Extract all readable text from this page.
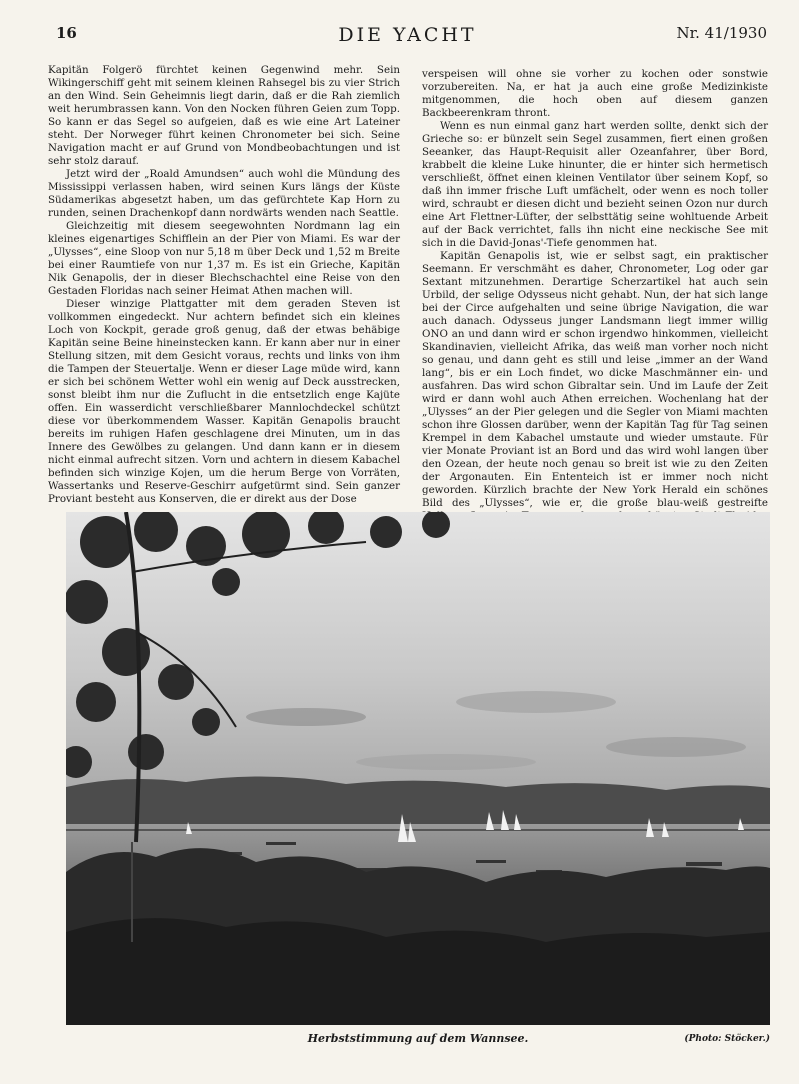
16	DIE YACHT	Nr. 41/1930

Kapitän Folgerö fürchtet keinen Gegenwind mehr. Sein Wikingerschiff geht mit seinem kleinen Rahsegel bis zu vier Strich an den Wind. Sein Geheimnis liegt darin, daß er die Rah ziemlich weit herumbrassen kann. Von den Nocken führen Geien zum Topp. So kann er das Segel so aufgeien, daß es wie eine Art Lateiner steht. Der Norweger führt keinen Chronometer bei sich. Seine Navigation macht er auf Grund von Mondbeobachtungen und ist sehr stolz darauf.

Jetzt wird der „Roald Amundsen“ auch wohl die Mündung des Mississippi verlassen haben, wird seinen Kurs längs der Küste Südamerikas abgesetzt haben, um das gefürchtete Kap Horn zu runden, seinen Drachenkopf dann nordwärts wenden nach Seattle.

Gleichzeitig mit diesem seegewohnten Nordmann lag ein kleines eigenartiges Schifflein an der Pier von Miami. Es war der „Ulysses“, eine Sloop von nur 5,18 m über Deck und 1,52 m Breite bei einer Raumtiefe von nur 1,37 m. Es ist ein Grieche, Kapitän Nik Genapolis, der in dieser Blechschachtel eine Reise von den Gestaden Floridas nach seiner Heimat Athen machen will.

Dieser winzige Plattgatter mit dem geraden Steven ist vollkommen eingedeckt. Nur achtern befindet sich ein kleines Loch von Kockpit, gerade groß genug, daß der etwas behäbige Kapitän seine Beine hineinstecken kann. Er kann aber nur in einer Stellung sitzen, mit dem Gesicht voraus, rechts und links von ihm die Tampen der Steuertalje. Wenn er dieser Lage müde wird, kann er sich bei schönem Wetter wohl ein wenig auf Deck ausstrecken, sonst bleibt ihm nur die Zuflucht in die entsetzlich enge Kajüte offen. Ein wasserdicht verschließbarer Mannlochdeckel schützt diese vor überkommendem Wasser. Kapitän Genapolis braucht bereits im ruhigen Hafen geschlagene drei Minuten, um in das Innere des Gewölbes zu gelangen. Und dann kann er in diesem nicht einmal aufrecht sitzen. Vorn und achtern in diesem Kabachel befinden sich winzige Kojen, um die herum Berge von Vorräten, Wassertanks und Reserve-Geschirr aufgetürmt sind. Sein ganzer Proviant besteht aus Konserven, die er direkt aus der Dose

verspeisen will ohne sie vorher zu kochen oder sonstwie vorzubereiten. Na, er hat ja auch eine große Medizinkiste mitgenommen, die hoch oben auf diesem ganzen Backbeerenkram thront.

Wenn es nun einmal ganz hart werden sollte, denkt sich der Grieche so: er bünzelt sein Segel zusammen, fiert einen großen Seeanker, das Haupt-Requisit aller Ozeanfahrer, über Bord, krabbelt die kleine Luke hinunter, die er hinter sich hermetisch verschließt, öffnet einen kleinen Ventilator über seinem Kopf, so daß ihn immer frische Luft umfächelt, oder wenn es noch toller wird, schraubt er diesen dicht und bezieht seinen Ozon nur durch eine Art Flettner-Lüfter, der selbsttätig seine wohltuende Arbeit auf der Back verrichtet, falls ihn nicht eine neckische See mit sich in die David-Jonas'-Tiefe genommen hat.

Kapitän Genapolis ist, wie er selbst sagt, ein praktischer Seemann. Er verschmäht es daher, Chronometer, Log oder gar Sextant mitzunehmen. Derartige Scherzartikel hat auch sein Urbild, der selige Odysseus nicht gehabt. Nun, der hat sich lange bei der Circe aufgehalten und seine übrige Navigation, die war auch danach. Odysseus junger Landsmann liegt immer willig ONO an und dann wird er schon irgendwo hinkommen, vielleicht Skandinavien, vielleicht Afrika, das weiß man vorher noch nicht so genau, und dann geht es still und leise „immer an der Wand lang“, bis er ein Loch findet, wo dicke Maschmänner ein- und ausfahren. Das wird schon Gibraltar sein. Und im Laufe der Zeit wird er dann wohl auch Athen erreichen. Wochenlang hat der „Ulysses“ an der Pier gelegen und die Segler von Miami machten schon ihre Glossen darüber, wenn der Kapitän Tag für Tag seinen Krempel in dem Kabachel umstaute und wieder umstaute. Für vier Monate Proviant ist an Bord und das wird wohl langen über den Ozean, der heute noch genau so breit ist wie zu den Zeiten der Argonauten. Ein Ententeich ist er immer noch nicht geworden. Kürzlich brachte der New York Herald ein schönes Bild des „Ulysses“, wie er, die große blau-weiß gestreifte

Herbststimmung auf dem Wannsee.	(Photo: Stöcker.)
